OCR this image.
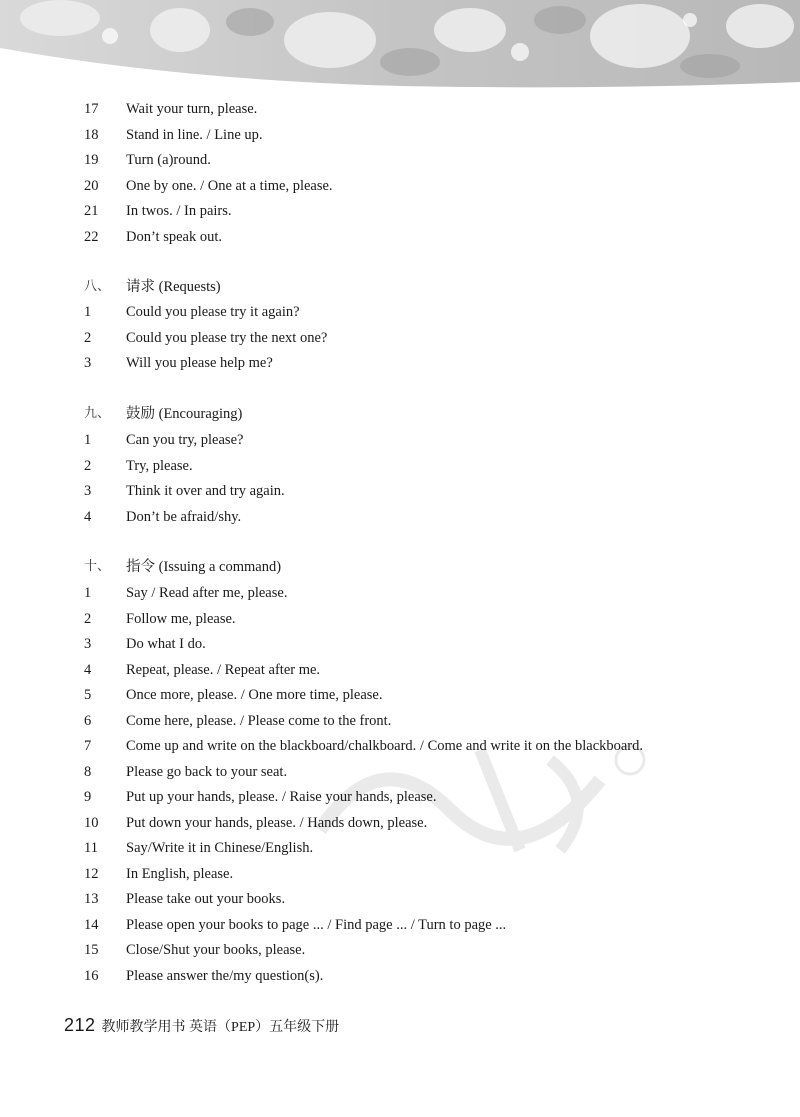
17	Wait your turn, please.
18	Stand in line. / Line up.
19	Turn (a)round.
20	One by one. / One at a time, please.
21	In twos. / In pairs.
22	Don’t speak out.
八、	请求 (Requests)
1	Could you please try it again?
2	Could you please try the next one?
3	Will you please help me?
九、	鼓励 (Encouraging)
1	Can you try, please?
2	Try, please.
3	Think it over and try again.
4	Don’t be afraid/shy.
十、	指令 (Issuing a command)
1	Say / Read after me, please.
2	Follow me, please.
3	Do what I do.
4	Repeat, please. / Repeat after me.
5	Once more, please. / One more time, please.
6	Come here, please. / Please come to the front.
7	Come up and write on the blackboard/chalkboard. / Come and write it on the blackboard.
8	Please go back to your seat.
9	Put up your hands, please. / Raise your hands, please.
10	Put down your hands, please. / Hands down, please.
11	Say/Write it in Chinese/English.
12	In English, please.
13	Please take out your books.
14	Please open your books to page ... / Find page ... / Turn to page ...
15	Close/Shut your books, please.
16	Please answer the/my question(s).
212 教师教学用书 英语（PEP）五年级下册
